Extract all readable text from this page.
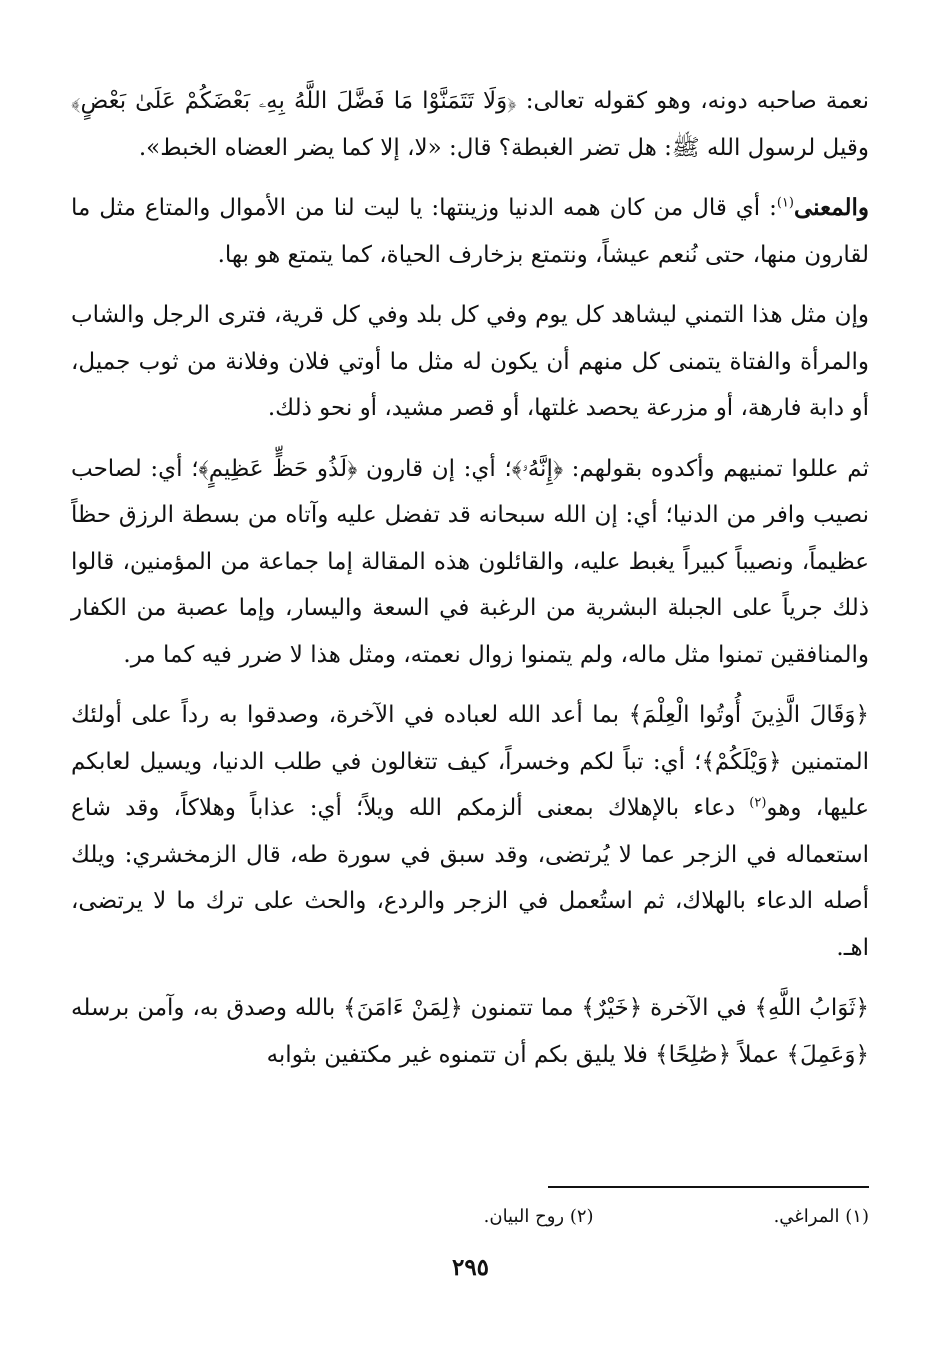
نعمة صاحبه دونه، وهو كقوله تعالى: ﴿وَلَا تَتَمَنَّوْا مَا فَضَّلَ اللَّهُ بِهِۦ بَعْضَكُمْ عَلَىٰ بَعْضٍ﴾ وقيل لرسول الله ﷺ: هل تضر الغبطة؟ قال: «لا، إلا كما يضر العضاه الخبط».

والمعنى$^{(١)}$: أي قال من كان همه الدنيا وزينتها: يا ليت لنا من الأموال والمتاع مثل ما لقارون منها، حتى نُنعم عيشاً، ونتمتع بزخارف الحياة، كما يتمتع هو بها.

وإن مثل هذا التمني ليشاهد كل يوم وفي كل بلد وفي كل قرية، فترى الرجل والشاب والمرأة والفتاة يتمنى كل منهم أن يكون له مثل ما أوتي فلان وفلانة من ثوب جميل، أو دابة فارهة، أو مزرعة يحصد غلتها، أو قصر مشيد، أو نحو ذلك.

ثم عللوا تمنيهم وأكدوه بقولهم: ﴿إِنَّهُۥ﴾؛ أي: إن قارون ﴿لَذُو حَظٍّ عَظِيمٍ﴾؛ أي: لصاحب نصيب وافر من الدنيا؛ أي: إن الله سبحانه قد تفضل عليه وآتاه من بسطة الرزق حظاً عظيماً، ونصيباً كبيراً يغبط عليه، والقائلون هذه المقالة إما جماعة من المؤمنين، قالوا ذلك جرياً على الجبلة البشرية من الرغبة في السعة واليسار، وإما عصبة من الكفار والمنافقين تمنوا مثل ماله، ولم يتمنوا زوال نعمته، ومثل هذا لا ضرر فيه كما مر.

﴿وَقَالَ الَّذِينَ أُوتُوا الْعِلْمَ﴾ بما أعد الله لعباده في الآخرة، وصدقوا به رداً على أولئك المتمنين ﴿وَيْلَكُمْ﴾؛ أي: تباً لكم وخسراً، كيف تتغالون في طلب الدنيا، ويسيل لعابكم عليها، وهو$^{(٢)}$ دعاء بالإهلاك بمعنى ألزمكم الله ويلاً؛ أي: عذاباً وهلاكاً، وقد شاع استعماله في الزجر عما لا يُرتضى، وقد سبق في سورة طه، قال الزمخشري: ويلك أصله الدعاء بالهلاك، ثم استُعمل في الزجر والردع، والحث على ترك ما لا يرتضى، اهـ.

﴿ثَوَابُ اللَّهِ﴾ في الآخرة ﴿خَيْرٌ﴾ مما تتمنون ﴿لِمَنْ ءَامَنَ﴾ بالله وصدق به، وآمن برسله ﴿وَعَمِلَ﴾ عملاً ﴿صَٰلِحًا﴾ فلا يليق بكم أن تتمنوه غير مكتفين بثوابه

(١) المراغي.(٢) روح البيان.
٢٩٥
